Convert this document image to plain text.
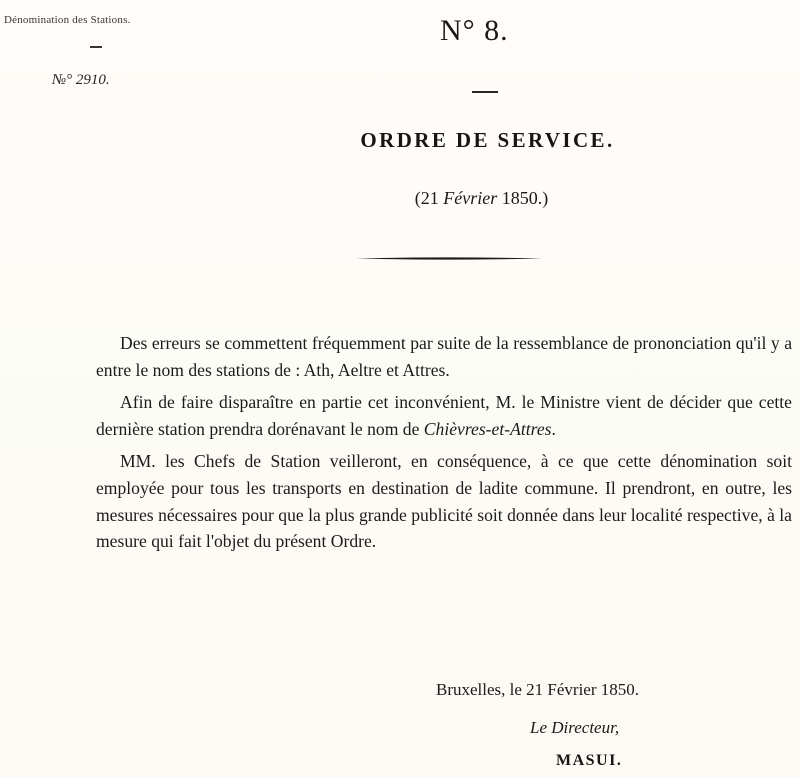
Dénomination des Stations.
№° 2910.
N° 8.
ORDRE DE SERVICE.
(21 Février 1850.)

Des erreurs se commettent fréquemment par suite de la ressemblance de prononciation qu'il y a entre le nom des stations de : Ath, Aeltre et Attres.

Afin de faire disparaître en partie cet inconvénient, M. le Ministre vient de décider que cette dernière station prendra dorénavant le nom de Chièvres-et-Attres.

MM. les Chefs de Station veilleront, en conséquence, à ce que cette dénomination soit employée pour tous les transports en destination de ladite commune. Il prendront, en outre, les mesures nécessaires pour que la plus grande publicité soit donnée dans leur localité respective, à la mesure qui fait l'objet du présent Ordre.

Bruxelles, le 21 Février 1850.
Le Directeur,
MASUI.
